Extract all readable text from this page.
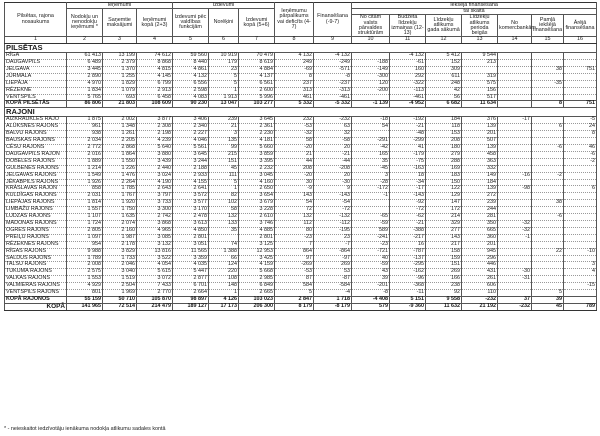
Pilsētas, rajona nosaukums	Ieņēmumi			Izdevumi			Ieņēmumu pārpalikums vai deficīts (4-7)	Finansēšana (-9-7)	Iekšējā finansēšana						
	Nodokļu un nenodokļu ieņēmumi *	Saņemtie maksājumi	Ieņēmumi kopā (2+3)	Izdevumi pēc valdības funkcijām	Norēķini	Izdevumi kopā (5+6)			tai skaitā						
									No citām valsts pārvaldes struktūrām	Budžeta līdzekļu izmaiņas (12-13)	Līdzekļu atlikums gada sākumā	Līdzekļu atlikums perioda beigās	No komercbankām	Pamļā iekšējā finansēšana	Ārējā finansēšana
1	2	3	4	5	6	7	8	9	10	11	12	13	14	15	16
PILSĒTAS															
RĪGA	61 413	13 199	74 612	59 560	10 919	70 479	4 132	-4 132		-4 132	5 412	9 544			
DAUGAVPILS	6 489	2 379	8 868	8 440	179	8 619	249	-249	-188	-61	152	213			
JELGAVA	3 445	1 370	4 815	4 861	23	4 884	-69	-571	-149	160	309			38	751
JŪRMALA	2 890	1 255	4 145	4 132	5	4 137	8	-8	-300	292	611	319			
LIEPĀJA	4 970	1 829	6 799	6 556	5	6 561	237	-237	120	-322	248	575		-35	
RĒZEKNE	1 834	1 079	2 913	2 598	1	2 600	313	-313	-200	-113	42	156			
VENTSPILS	5 765	693	6 458	4 083	1 913	5 996	461	-461		-461	56	517			
KOPĀ PILSĒTĀS	86 806	21 803	108 609	90 230	13 047	103 277	5 332	-5 332	-1 139	-4 952	6 682	11 634		8	751
RAJONI															
AIZKRAUKLES RAJO	1 875	2 002	3 877	3 406	239	3 645	232	-232	-18	-192	184	376	-17		-5
ALŪKSNES RAJONS	961	1 348	2 308	2 340	21	2 361	-53	63	54	-21	118	139		6	24
BALVU RAJONS	938	1 261	2 198	2 227	3	2 230	-32	32		-48	153	201			8
BAUSKAS RAJONS	2 034	2 205	4 239	4 046	135	4 181	58	-58	-291	-299	208	507			
CĒSU RAJONS	2 772	2 868	5 640	5 561	99	5 660	-20	20	-42	41	180	139		-6	46
DAUGAVPILS RAJON	2 016	1 864	3 880	3 645	215	3 859	21	-21	165	-179	279	458			-6
DOBELES RAJONS	1 889	1 550	3 439	3 244	151	3 395	44	-44	35	-75	288	363			-2
GULBENES RAJONS	1 214	1 226	2 440	2 188	45	2 232	208	-208	-45	-163	169	332			
JELGAVAS RAJONS	1 549	1 476	3 024	2 933	111	3 045	-20	20	3	18	183	149	-16	-2	
JĒKABPILS RAJONS	1 926	2 264	4 190	4 155	5	4 160	30	-30	-28	-34	150	184			
KRĀSLAVAS RAJON	858	1 785	2 643	2 641	1	2 650	-9	9	-172	-17	122	139	-98		6
KULDĪGAS RAJONS	2 031	1 767	3 797	3 572	82	3 654	143	-143	-1	-143	129	272			
LIEPĀJAS RAJONS	1 814	1 920	3 733	3 577	102	3 679	54	-54		-92	147	239		38	
LIMBAŽU RAJONS	1 557	1 750	3 300	3 170	58	3 228	72	-72		-72	172	244			
LUDZAS RAJONS	1 107	1 635	2 742	2 478	132	2 610	132	-132	-65	-62	214	281		-6	
MADONAS RAJONS	1 724	2 074	3 868	3 613	133	3 746	112	-112	-59	-21	329	350	-32		
OGRES RAJONS	2 805	2 160	4 965	4 850	35	4 885	80	-195	589	-388	277	665	-32		
PREIĻU RAJONS	1 097	1 987	3 085	2 801		2 801	-23	23	-241	-217	143	360	-1		
RĒZEKNES RAJONS	954	2 178	3 132	3 051	74	3 125	7	-7	-23	16	217	201			
RĪGAS RAJONS	9 988	3 829	13 816	11 565	1 388	12 953	864	-864	-721	-787	158	945		22	-10
SALDUS RAJONS	1 789	1 733	3 522	3 359	66	3 425	97	-97	40	-137	159	296			
TALSU RAJONS	2 008	2 046	4 054	4 035	124	4 159	-269	269	-59	-295	151	446			3
TUKUMA RAJONS	2 575	3 040	5 615	5 447	220	5 668	-53	53	43	-162	269	431	-30		4
VALKAS RAJONS	1 553	1 519	3 072	2 877	108	2 985	87	-87	39	-96	166	261	-31		
VALMIERAS RAJONS	4 929	2 504	7 433	6 701	148	6 849	584	-584	-201	-368	238	606			-15
VENTSPILS RAJONS	801	1 969	2 770	2 664	1	2 665	5	-4	-8	-11	92	110		5	
KOPĀ RAJONOS	55 159	50 710	105 870	98 897	4 126	103 023	2 847	1 718	-4 408	5 151	9 558	-232	37	39	
KOPĀ	141 965	72 514	214 479	189 127	17 173	206 300	8 179	-8 179	579	-9 360	11 632	21 192	-232	45	789
* - neieskaitot iedzīvotāju ienākuma nodokļa atlikumu sadales kontā
